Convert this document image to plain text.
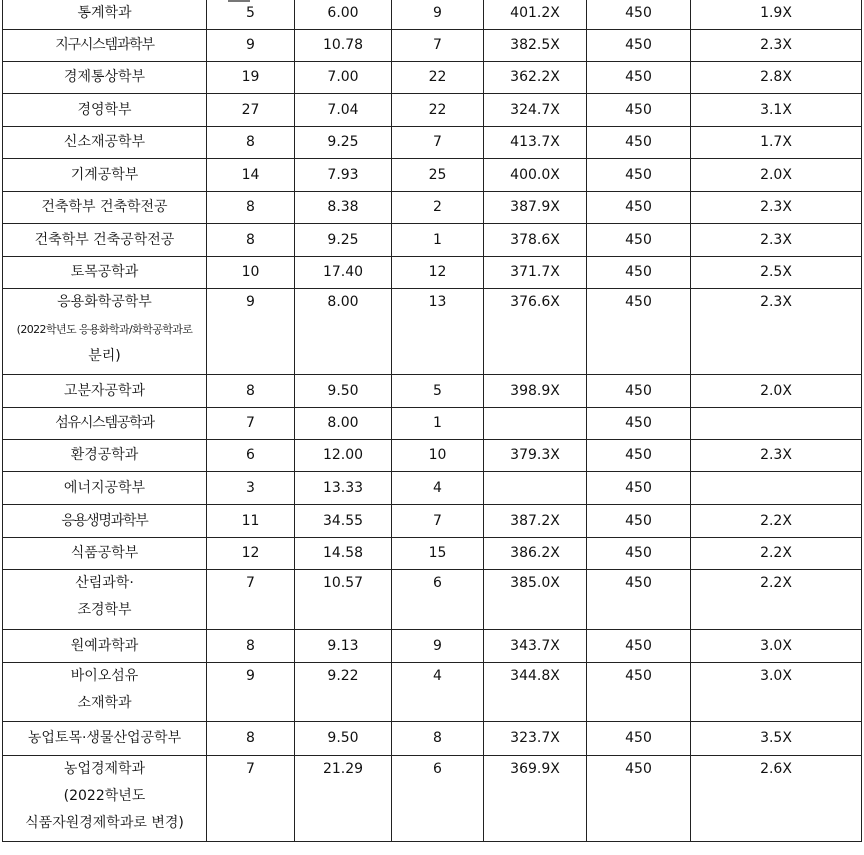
통계학과	5	6.00	9	401.2X	450	1.9X

지구시스템과학부	9	10.78	7	382.5X	450	2.3X

경제통상학부	19	7.00	22	362.2X	450	2.8X

경영학부	27	7.04	22	324.7X	450	3.1X

신소재공학부	8	9.25	7	413.7X	450	1.7X

기계공학부	14	7.93	25	400.0X	450	2.0X

건축학부 건축학전공	8	8.38	2	387.9X	450	2.3X

건축학부 건축공학전공	8	9.25	1	378.6X	450	2.3X

토목공학과	10	17.40	12	371.7X	450	2.5X

응용화학공학부
(2022학년도 응용화학과/화학공학과로
분리)	9	8.00	13	376.6X	450	2.3X

고분자공학과	8	9.50	5	398.9X	450	2.0X

섬유시스템공학과	7	8.00	1		450	

환경공학과	6	12.00	10	379.3X	450	2.3X

에너지공학부	3	13.33	4		450	

응용생명과학부	11	34.55	7	387.2X	450	2.2X

식품공학부	12	14.58	15	386.2X	450	2.2X

산림과학·
조경학부	7	10.57	6	385.0X	450	2.2X

원예과학과	8	9.13	9	343.7X	450	3.0X

바이오섬유
소재학과	9	9.22	4	344.8X	450	3.0X

농업토목·생물산업공학부	8	9.50	8	323.7X	450	3.5X

농업경제학과
(2022학년도
식품자원경제학과로 변경)	7	21.29	6	369.9X	450	2.6X
